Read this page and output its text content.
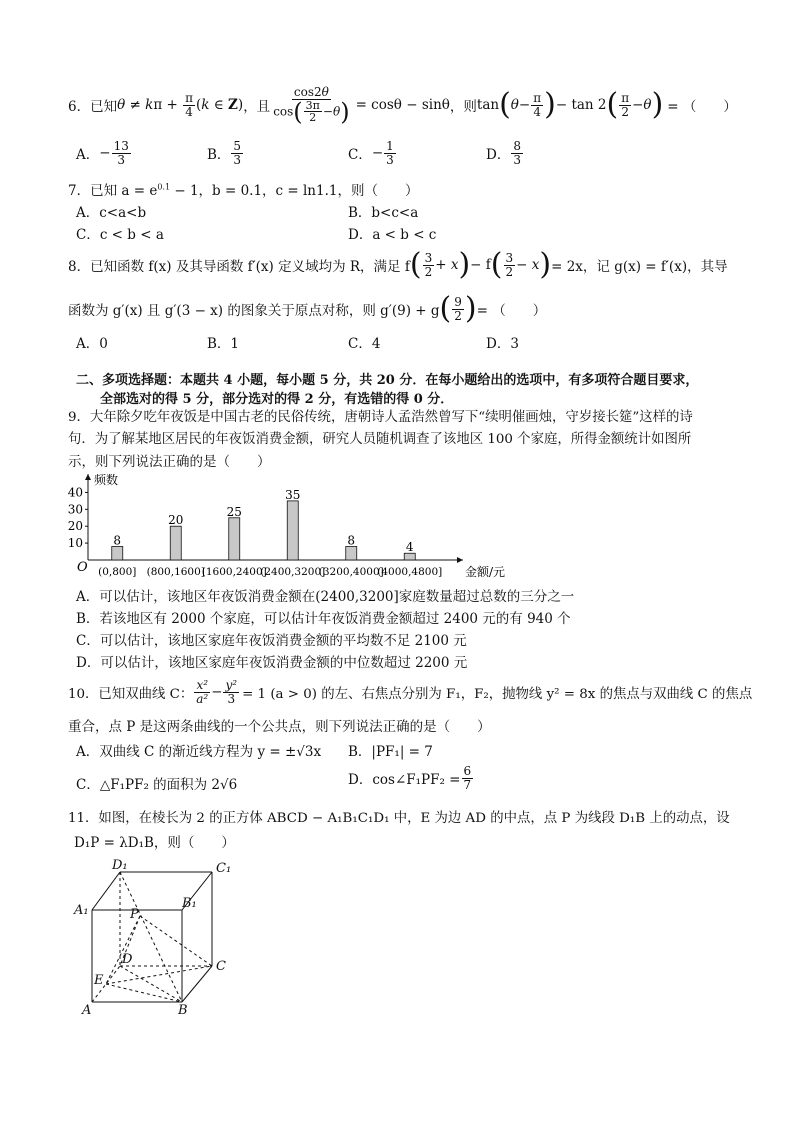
6．已知 θ ≠ k $\pi + \frac{\pi}{4}$ ( k ∈ Z ) ，且 $\frac{\cos 2\theta}{\cos( \frac{3\pi}{2} -\theta)} = \cos\theta - \sin\theta$ ，则 tan ( $\theta - \frac{\pi}{4}$ ) − tan 2 ( $\frac{\pi}{2} - \theta$ ) = （　　）
A． − $\frac{13}{3}$	B． $\frac{5}{3}$	C． − $\frac{1}{3}$	D． $\frac{8}{3}$
7．已知 $a = e^{0.1} - 1$，b = 0.1，c = ln1.1，则（　　）
A．c<a<b	B．b<c<a
C．c < b < a	D．a < b < c
8．已知函数 f(x) 及其导函数 f′(x) 定义域均为 R，满足 f ( $\frac{3}{2} + x$ ) − f ( $\frac{3}{2} - x$ ) = 2x，记 g(x) = f′(x)，其导
函数为 g′(x) 且 g′(3 − x) 的图象关于原点对称，则 g′(9) + g ( $\frac{9}{2}$ ) = （　　）
A．0	B．1	C．4	D．3
二、多项选择题：本题共 4 小题，每小题 5 分，共 20 分．在每小题给出的选项中，有多项符合题目要求，
全部选对的得 5 分，部分选对的得 2 分，有选错的得 0 分．
9．大年除夕吃年夜饭是中国古老的民俗传统，唐朝诗人孟浩然曾写下“续明催画烛，守岁接长筵”这样的诗
句．为了解某地区居民的年夜饭消费金额，研究人员随机调查了该地区 100 个家庭，所得金额统计如图所
示，则下列说法正确的是（　　）
频数
金额/元
O
10
20
30
40
8
20
25
35
8	4
(0,800] (800,1600]
(1600,2400]
(2400,3200]
(3200,4000]
(4000,4800]
A．可以估计，该地区年夜饭消费金额在(2400,3200]家庭数量超过总数的三分之一
B．若该地区有 2000 个家庭，可以估计年夜饭消费金额超过 2400 元的有 940 个
C．可以估计，该地区家庭年夜饭消费金额的平均数不足 2100 元
D．可以估计，该地区家庭年夜饭消费金额的中位数超过 2200 元
10．已知双曲线 C： $\frac{\text{x²}}{\text{a²}} - \frac{\text{y²}}{3} = 1$ (a > 0) 的左、右焦点分别为 F₁，F₂，抛物线 y² = 8x 的焦点与双曲线 C 的焦点
重合，点 P 是这两条曲线的一个公共点，则下列说法正确的是（　　）
A．双曲线 C 的渐近线方程为 y = ±√3x B．|PF₁| = 7
C．△F₁PF₂ 的面积为 2√6	D．cos∠F₁PF₂ = $\frac{6}{7}$
11．如图，在棱长为 2 的正方体 ABCD − A₁B₁C₁D₁ 中，E 为边 AD 的中点，点 P 为线段 D₁B 上的动点，设
D₁P = λD₁B，则（　　）
D₁	C₁
A₁	B₁
P
D	C
E
A	B
